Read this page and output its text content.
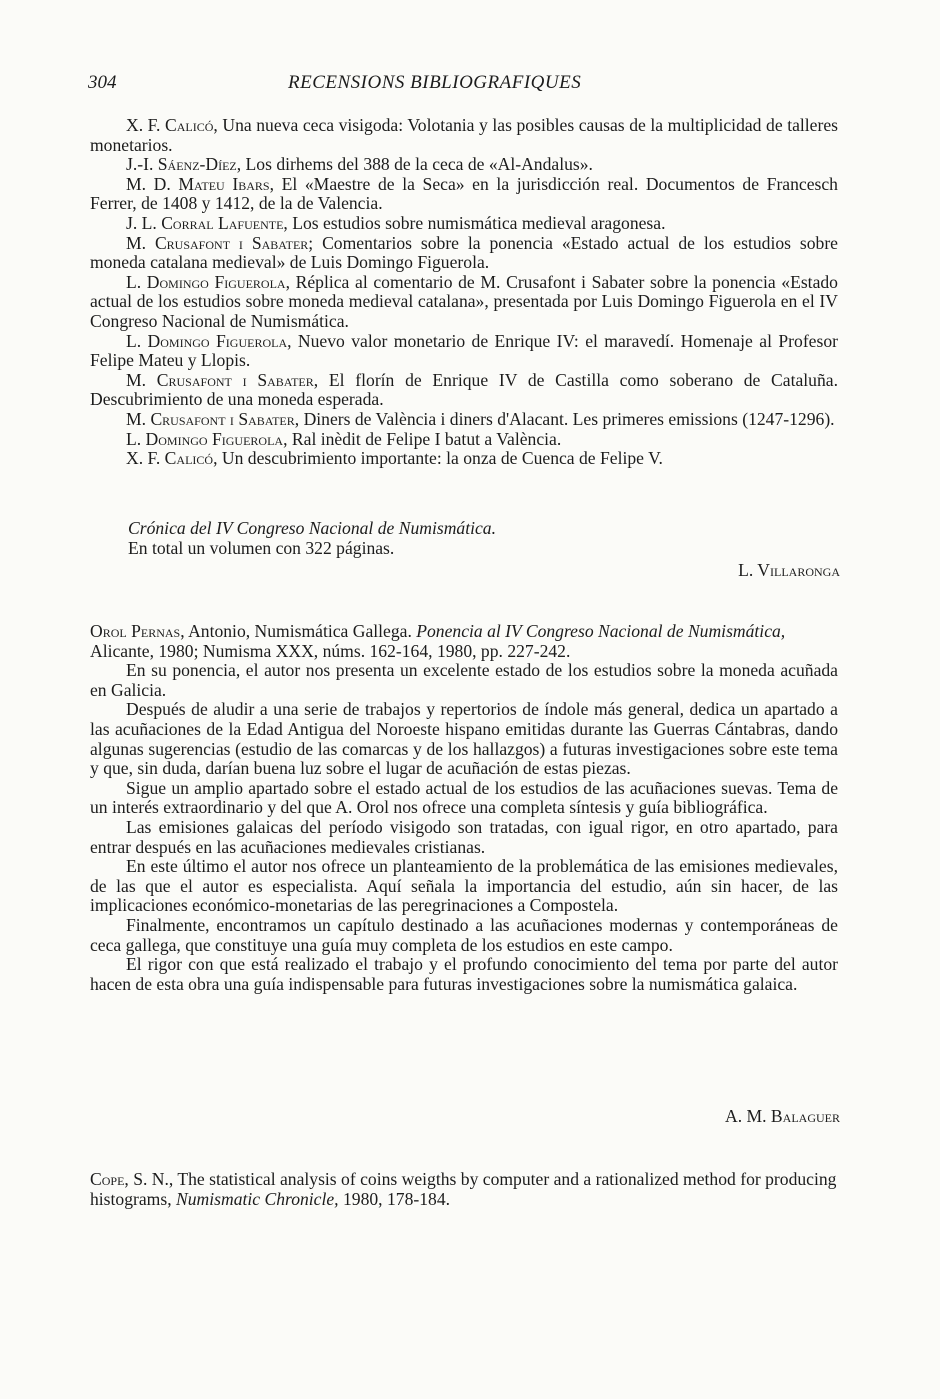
304	RECENSIONS BIBLIOGRAFIQUES

X. F. Calicó, Una nueva ceca visigoda: Volotania y las posibles causas de la multiplicidad de talleres monetarios.

J.-I. Sáenz-Díez, Los dirhems del 388 de la ceca de «Al-Andalus».

M. D. Mateu Ibars, El «Maestre de la Seca» en la jurisdicción real. Documentos de Francesch Ferrer, de 1408 y 1412, de la de Valencia.

J. L. Corral Lafuente, Los estudios sobre numismática medieval aragonesa.

M. Crusafont i Sabater; Comentarios sobre la ponencia «Estado actual de los estudios sobre moneda catalana medieval» de Luis Domingo Figuerola.

L. Domingo Figuerola, Réplica al comentario de M. Crusafont i Sabater sobre la ponencia «Estado actual de los estudios sobre moneda medieval catalana», presentada por Luis Domingo Figuerola en el IV Congreso Nacional de Numismática.

L. Domingo Figuerola, Nuevo valor monetario de Enrique IV: el maravedí. Homenaje al Profesor Felipe Mateu y Llopis.

M. Crusafont i Sabater, El florín de Enrique IV de Castilla como soberano de Cataluña. Descubrimiento de una moneda esperada.

M. Crusafont i Sabater, Diners de València i diners d'Alacant. Les primeres emissions (1247-1296).

L. Domingo Figuerola, Ral inèdit de Felipe I batut a València.

X. F. Calicó, Un descubrimiento importante: la onza de Cuenca de Felipe V.

Crónica del IV Congreso Nacional de Numismática.

En total un volumen con 322 páginas.

L. Villaronga

Orol Pernas, Antonio, Numismática Gallega. Ponencia al IV Congreso Nacional de Numismática, Alicante, 1980; Numisma XXX, núms. 162-164, 1980, pp. 227-242.

En su ponencia, el autor nos presenta un excelente estado de los estudios sobre la moneda acuñada en Galicia.

Después de aludir a una serie de trabajos y repertorios de índole más general, dedica un apartado a las acuñaciones de la Edad Antigua del Noroeste hispano emitidas durante las Guerras Cántabras, dando algunas sugerencias (estudio de las comarcas y de los hallazgos) a futuras investigaciones sobre este tema y que, sin duda, darían buena luz sobre el lugar de acuñación de estas piezas.

Sigue un amplio apartado sobre el estado actual de los estudios de las acuñaciones suevas. Tema de un interés extraordinario y del que A. Orol nos ofrece una completa síntesis y guía bibliográfica.

Las emisiones galaicas del período visigodo son tratadas, con igual rigor, en otro apartado, para entrar después en las acuñaciones medievales cristianas.

En este último el autor nos ofrece un planteamiento de la problemática de las emisiones medievales, de las que el autor es especialista. Aquí señala la importancia del estudio, aún sin hacer, de las implicaciones económico-monetarias de las peregrinaciones a Compostela.

Finalmente, encontramos un capítulo destinado a las acuñaciones modernas y contemporáneas de ceca gallega, que constituye una guía muy completa de los estudios en este campo.

El rigor con que está realizado el trabajo y el profundo conocimiento del tema por parte del autor hacen de esta obra una guía indispensable para futuras investigaciones sobre la numismática galaica.

A. M. Balaguer

Cope, S. N., The statistical analysis of coins weigths by computer and a rationalized method for producing histograms, Numismatic Chronicle, 1980, 178-184.
